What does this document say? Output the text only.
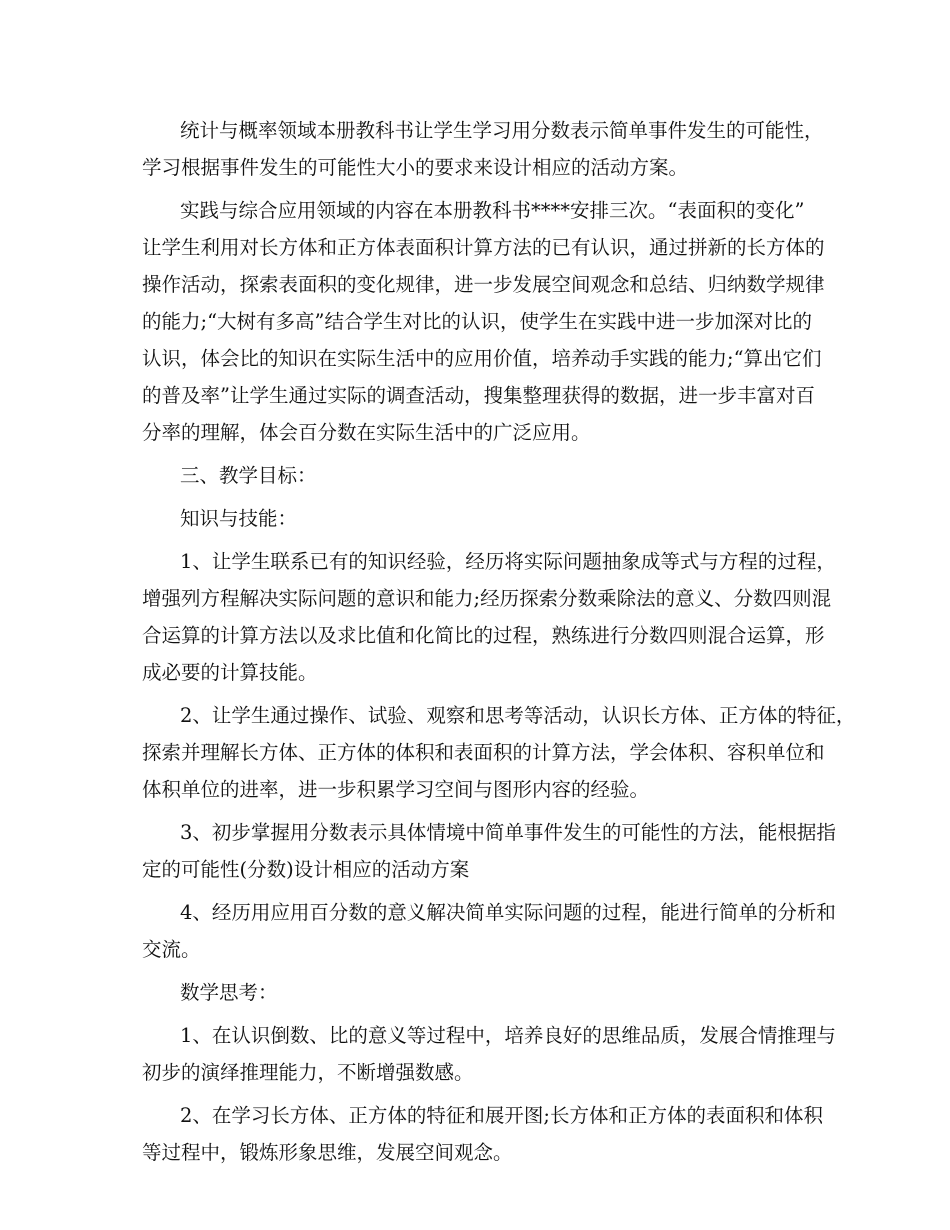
统计与概率领域本册教科书让学生学习用分数表示简单事件发生的可能性，
学习根据事件发生的可能性大小的要求来设计相应的活动方案。
实践与综合应用领域的内容在本册教科书****安排三次。“表面积的变化”
让学生利用对长方体和正方体表面积计算方法的已有认识，通过拼新的长方体的
操作活动，探索表面积的变化规律，进一步发展空间观念和总结、归纳数学规律
的能力;“大树有多高”结合学生对比的认识，使学生在实践中进一步加深对比的
认识，体会比的知识在实际生活中的应用价值，培养动手实践的能力;“算出它们
的普及率”让学生通过实际的调查活动，搜集整理获得的数据，进一步丰富对百
分率的理解，体会百分数在实际生活中的广泛应用。
三、教学目标：
知识与技能：
1、让学生联系已有的知识经验，经历将实际问题抽象成等式与方程的过程，
增强列方程解决实际问题的意识和能力;经历探索分数乘除法的意义、分数四则混
合运算的计算方法以及求比值和化简比的过程，熟练进行分数四则混合运算，形
成必要的计算技能。
2、让学生通过操作、试验、观察和思考等活动，认识长方体、正方体的特征，
探索并理解长方体、正方体的体积和表面积的计算方法，学会体积、容积单位和
体积单位的进率，进一步积累学习空间与图形内容的经验。
3、初步掌握用分数表示具体情境中简单事件发生的可能性的方法，能根据指
定的可能性(分数)设计相应的活动方案
4、经历用应用百分数的意义解决简单实际问题的过程，能进行简单的分析和
交流。
数学思考：
1、在认识倒数、比的意义等过程中，培养良好的思维品质，发展合情推理与
初步的演绎推理能力，不断增强数感。
2、在学习长方体、正方体的特征和展开图;长方体和正方体的表面积和体积
等过程中，锻炼形象思维，发展空间观念。
